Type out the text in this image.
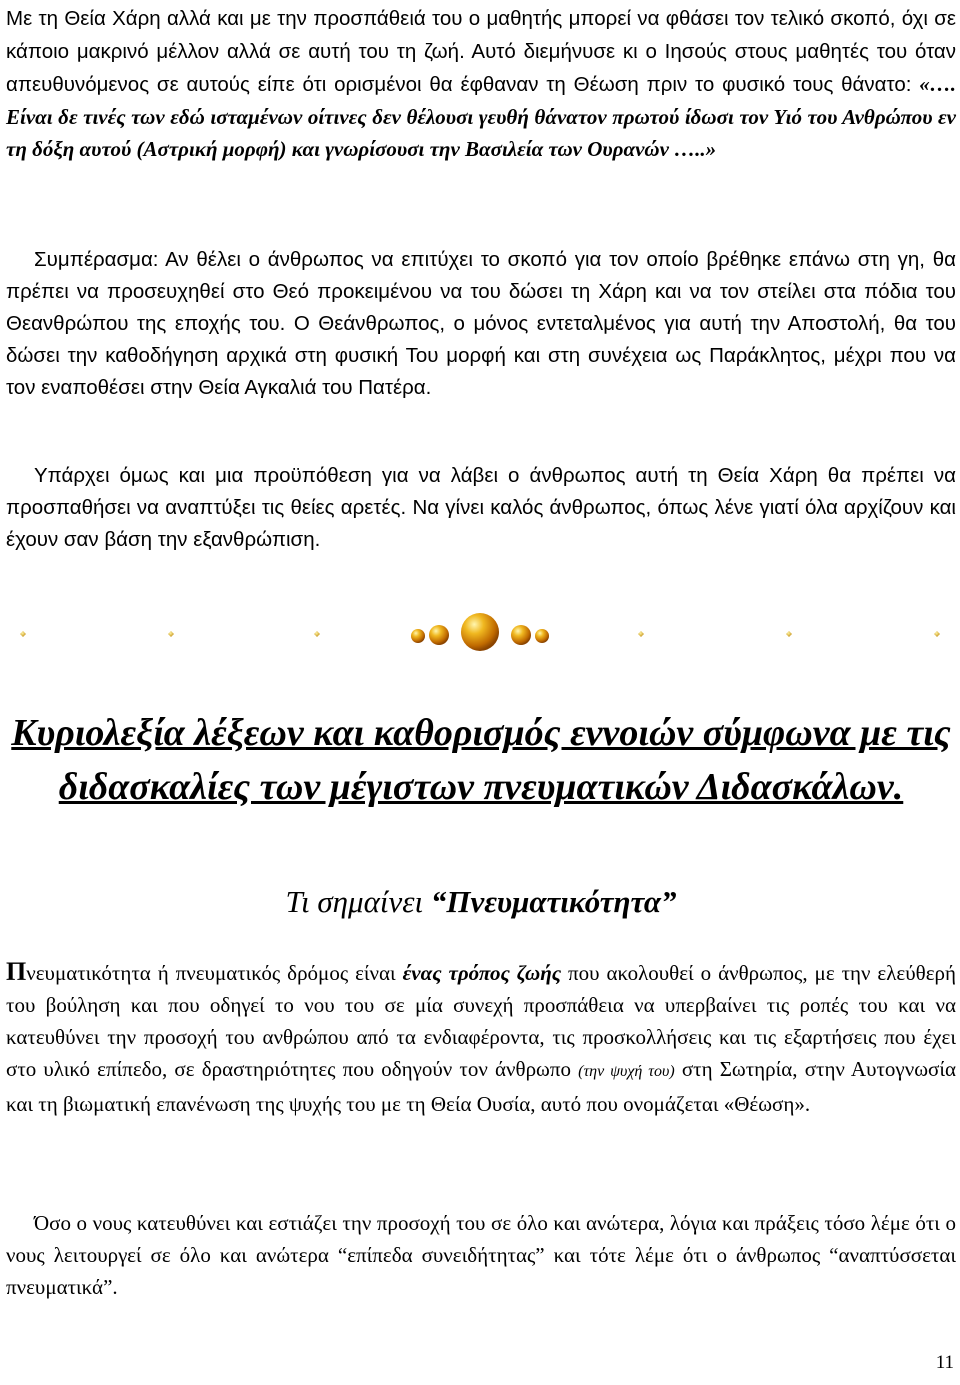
Με τη Θεία Χάρη αλλά και με την προσπάθειά του ο μαθητής μπορεί να φθάσει τον τελικό σκοπό, όχι σε κάποιο μακρινό μέλλον αλλά σε αυτή του τη ζωή. Αυτό διεμήνυσε κι ο Ιησούς στους μαθητές του όταν απευθυνόμενος σε αυτούς είπε ότι ορισμένοι θα έφθαναν τη Θέωση πριν το φυσικό τους θάνατο: «…. Είναι δε τινές των εδώ ισταμένων οίτινες δεν θέλουσι γευθή θάνατον πρωτού ίδωσι τον Υιό του Ανθρώπου εν τη δόξη αυτού (Αστρική μορφή) και γνωρίσουσι την Βασιλεία των Ουρανών …..»

Συμπέρασμα: Αν θέλει ο άνθρωπος να επιτύχει το σκοπό για τον οποίο βρέθηκε επάνω στη γη, θα πρέπει να προσευχηθεί στο Θεό προκειμένου να του δώσει τη Χάρη και να τον στείλει στα πόδια του Θεανθρώπου της εποχής του. Ο Θεάνθρωπος, ο μόνος εντεταλμένος για αυτή την Αποστολή, θα του δώσει την καθοδήγηση αρχικά στη φυσική Του μορφή και στη συνέχεια ως Παράκλητος, μέχρι που να τον εναποθέσει στην Θεία Αγκαλιά του Πατέρα.

Υπάρχει όμως και μια προϋπόθεση για να λάβει ο άνθρωπος αυτή τη Θεία Χάρη θα πρέπει να προσπαθήσει να αναπτύξει τις θείες αρετές. Να γίνει καλός άνθρωπος, όπως λένε γιατί όλα αρχίζουν και έχουν σαν βάση την εξανθρώπιση.

Κυριολεξία λέξεων και καθορισμός εννοιών σύμφωνα με τις διδασκαλίες των μέγιστων πνευματικών Διδασκάλων.
Τι σημαίνει “Πνευματικότητα”

Πνευματικότητα ή πνευματικός δρόμος είναι ένας τρόπος ζωής που ακολουθεί ο άνθρωπος, με την ελεύθερή του βούληση και που οδηγεί το νου του σε μία συνεχή προσπάθεια να υπερβαίνει τις ροπές του και να κατευθύνει την προσοχή του ανθρώπου από τα ενδιαφέροντα, τις προσκολλήσεις και τις εξαρτήσεις που έχει στο υλικό επίπεδο, σε δραστηριότητες που οδηγούν τον άνθρωπο (την ψυχή του) στη Σωτηρία, στην Αυτογνωσία και τη βιωματική επανένωση της ψυχής του με τη Θεία Ουσία, αυτό που ονομάζεται «Θέωση».

Όσο ο νους κατευθύνει και εστιάζει την προσοχή του σε όλο και ανώτερα, λόγια και πράξεις τόσο λέμε ότι ο νους λειτουργεί σε όλο και ανώτερα “επίπεδα συνειδήτητας” και τότε λέμε ότι ο άνθρωπος “αναπτύσσεται πνευματικά”.

11
